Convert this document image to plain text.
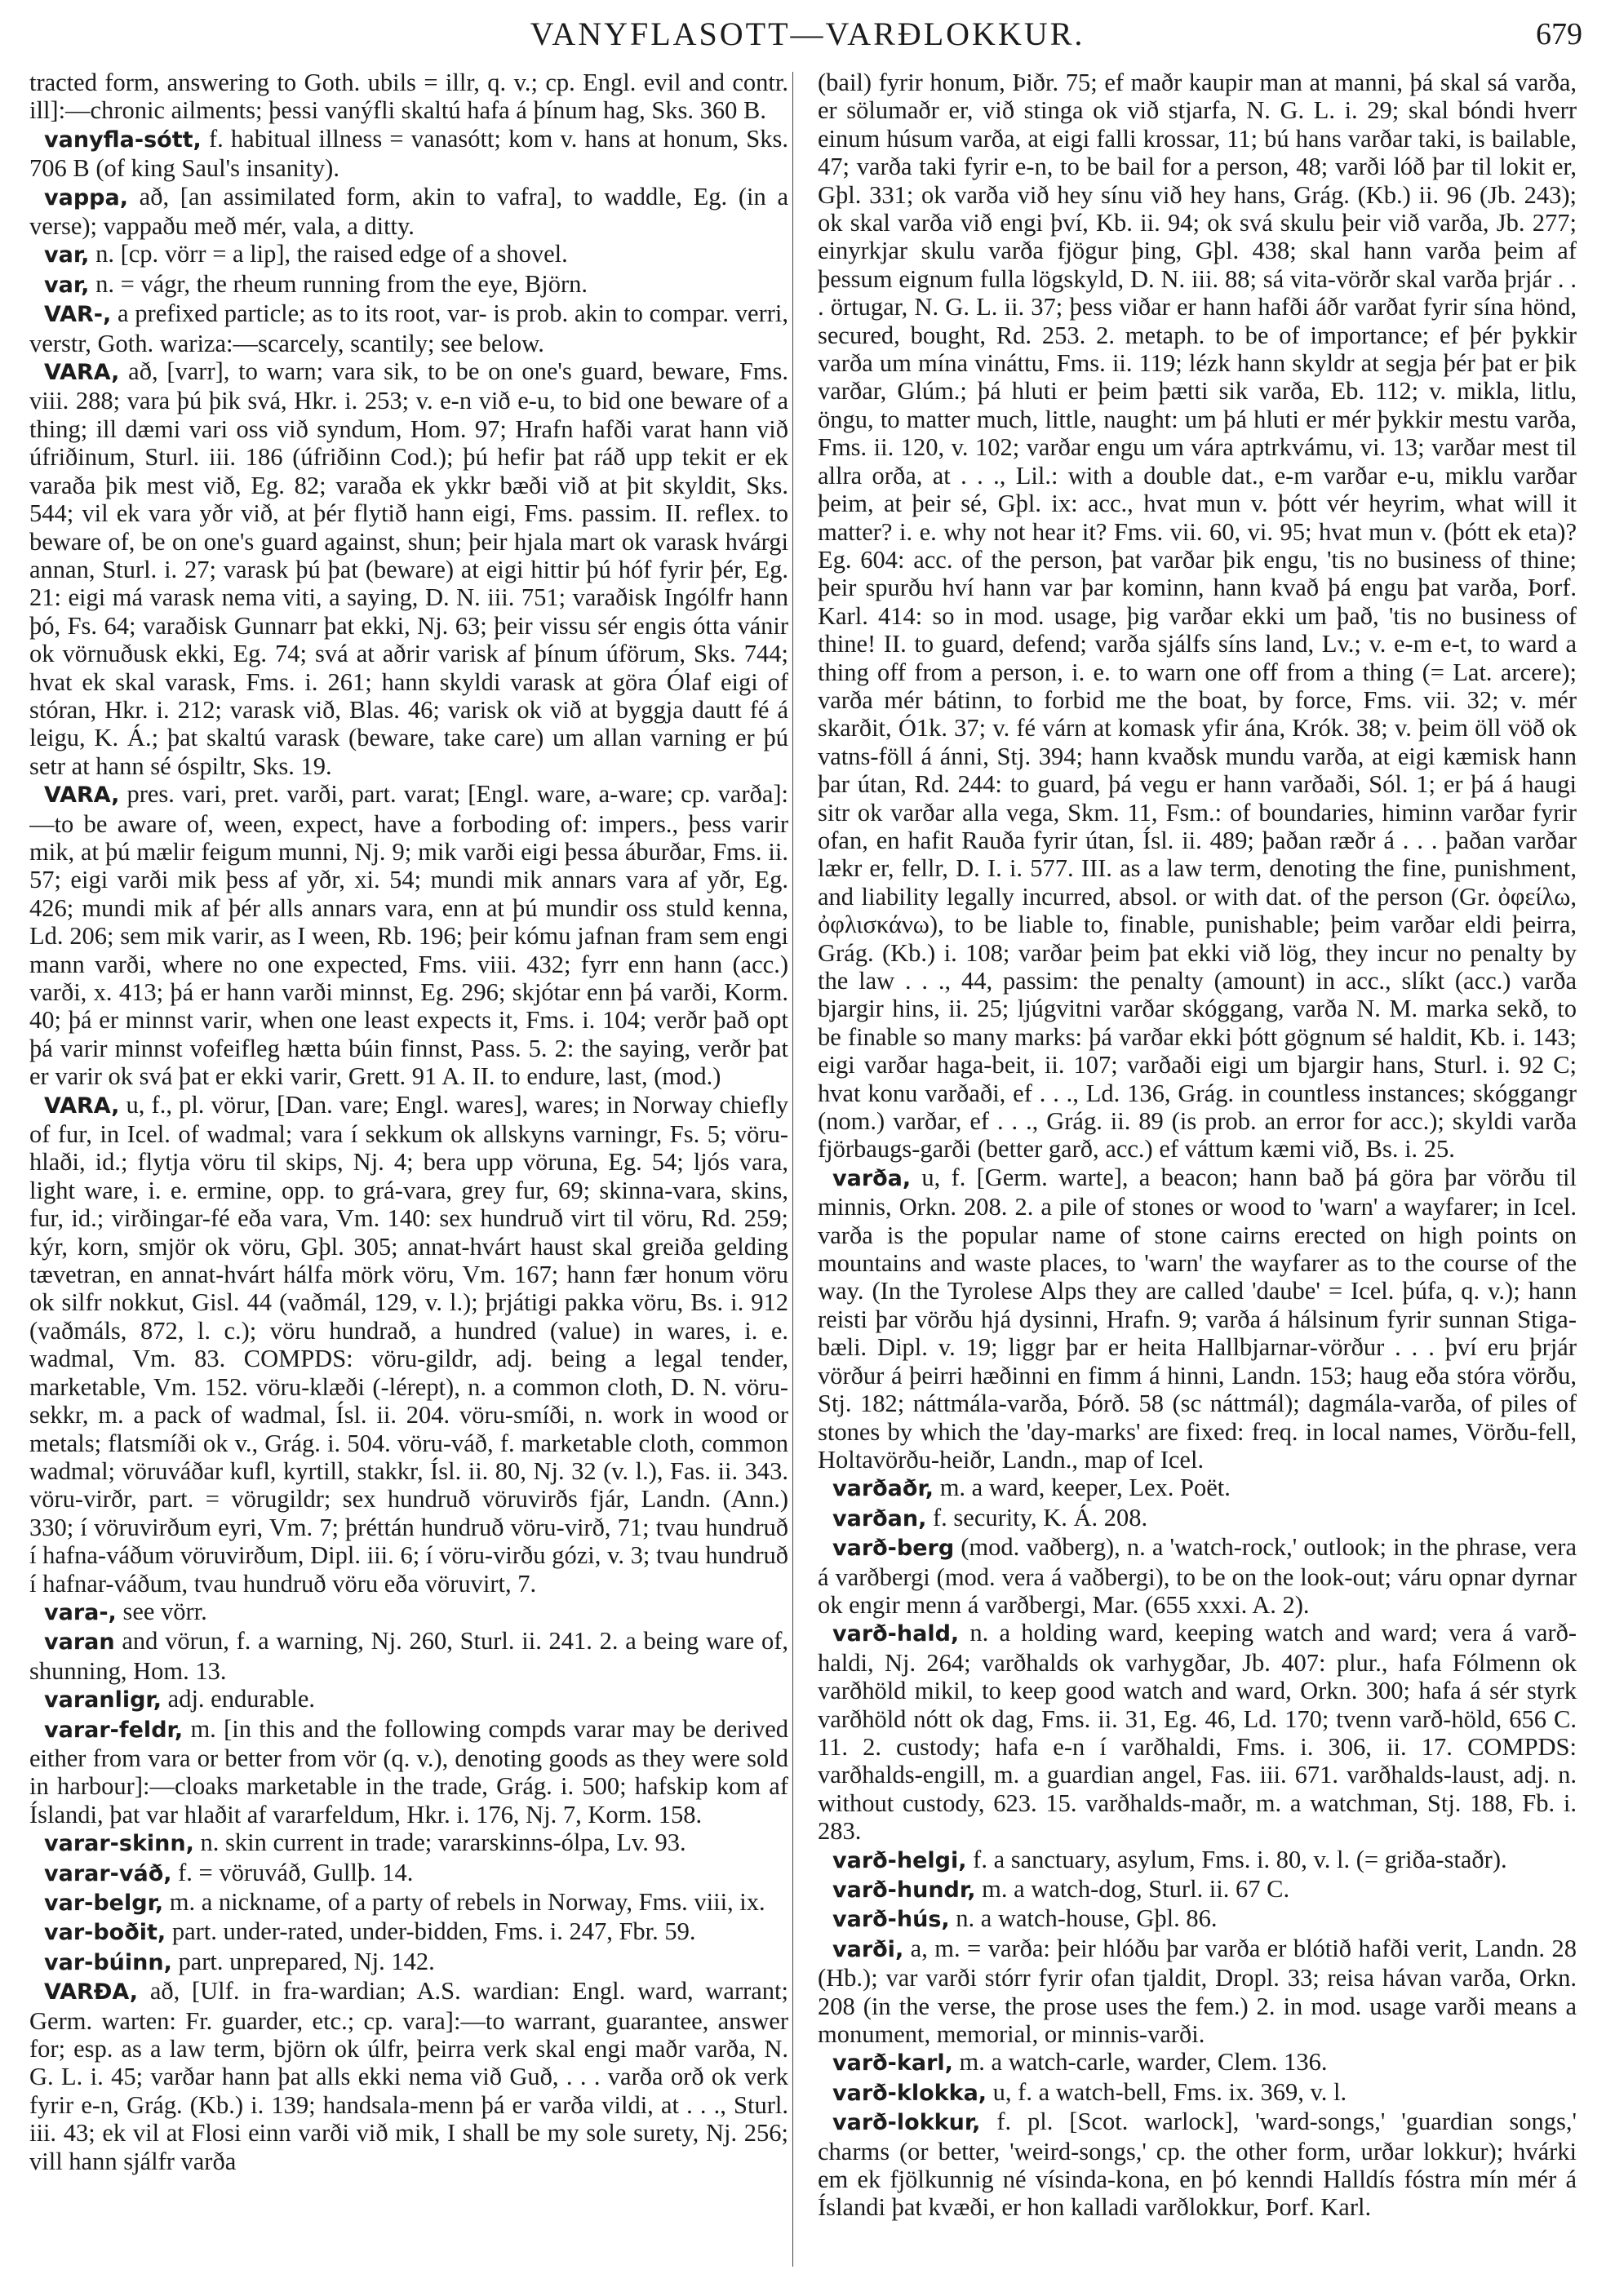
VANYFLASOTT—VARÐLOKKUR.	679

tracted form, answering to Goth. ubils = illr, q. v.; cp. Engl. evil and contr. ill]:—chronic ailments; þessi vanýfli skaltú hafa á þínum hag, Sks. 360 B.

vanyfla-sótt, f. habitual illness = vanasótt; kom v. hans at honum, Sks. 706 B (of king Saul's insanity).

vappa, að, [an assimilated form, akin to vafra], to waddle, Eg. (in a verse); vappaðu með mér, vala, a ditty.

var, n. [cp. vörr = a lip], the raised edge of a shovel.

var, n. = vágr, the rheum running from the eye, Björn.

VAR-, a prefixed particle; as to its root, var- is prob. akin to compar. verri, verstr, Goth. wariza:—scarcely, scantily; see below.

VARA, að, [varr], to warn; vara sik, to be on one's guard, beware, Fms. viii. 288; vara þú þik svá, Hkr. i. 253; v. e-n við e-u, to bid one beware of a thing; ill dæmi vari oss við syndum, Hom. 97; Hrafn hafði varat hann við úfriðinum, Sturl. iii. 186 (úfriðinn Cod.); þú hefir þat ráð upp tekit er ek varaða þik mest við, Eg. 82; varaða ek ykkr bæði við at þit skyldit, Sks. 544; vil ek vara yðr við, at þér flytið hann eigi, Fms. passim. II. reflex. to beware of, be on one's guard against, shun; þeir hjala mart ok varask hvárgi annan, Sturl. i. 27; varask þú þat (beware) at eigi hittir þú hóf fyrir þér, Eg. 21: eigi má varask nema viti, a saying, D. N. iii. 751; varaðisk Ingólfr hann þó, Fs. 64; varaðisk Gunnarr þat ekki, Nj. 63; þeir vissu sér engis ótta vánir ok vörnuðusk ekki, Eg. 74; svá at aðrir varisk af þínum úförum, Sks. 744; hvat ek skal varask, Fms. i. 261; hann skyldi varask at göra Ólaf eigi of stóran, Hkr. i. 212; varask við, Blas. 46; varisk ok við at byggja dautt fé á leigu, K. Á.; þat skaltú varask (beware, take care) um allan varning er þú setr at hann sé óspiltr, Sks. 19.

VARA, pres. vari, pret. varði, part. varat; [Engl. ware, a-ware; cp. varða]:—to be aware of, ween, expect, have a forboding of: impers., þess varir mik, at þú mælir feigum munni, Nj. 9; mik varði eigi þessa áburðar, Fms. ii. 57; eigi varði mik þess af yðr, xi. 54; mundi mik annars vara af yðr, Eg. 426; mundi mik af þér alls annars vara, enn at þú mundir oss stuld kenna, Ld. 206; sem mik varir, as I ween, Rb. 196; þeir kómu jafnan fram sem engi mann varði, where no one expected, Fms. viii. 432; fyrr enn hann (acc.) varði, x. 413; þá er hann varði minnst, Eg. 296; skjótar enn þá varði, Korm. 40; þá er minnst varir, when one least expects it, Fms. i. 104; verðr það opt þá varir minnst vofeifleg hætta búin finnst, Pass. 5. 2: the saying, verðr þat er varir ok svá þat er ekki varir, Grett. 91 A. II. to endure, last, (mod.)

VARA, u, f., pl. vörur, [Dan. vare; Engl. wares], wares; in Norway chiefly of fur, in Icel. of wadmal; vara í sekkum ok allskyns varningr, Fs. 5; vöru-hlaði, id.; flytja vöru til skips, Nj. 4; bera upp vöruna, Eg. 54; ljós vara, light ware, i. e. ermine, opp. to grá-vara, grey fur, 69; skinna-vara, skins, fur, id.; virðingar-fé eða vara, Vm. 140: sex hundruð virt til vöru, Rd. 259; kýr, korn, smjör ok vöru, Gþl. 305; annat-hvárt haust skal greiða gelding tævetran, en annat-hvárt hálfa mörk vöru, Vm. 167; hann fær honum vöru ok silfr nokkut, Gisl. 44 (vaðmál, 129, v. l.); þrjátigi pakka vöru, Bs. i. 912 (vaðmáls, 872, l. c.); vöru hundrað, a hundred (value) in wares, i. e. wadmal, Vm. 83. COMPDS: vöru-gildr, adj. being a legal tender, marketable, Vm. 152. vöru-klæði (-lérept), n. a common cloth, D. N. vöru-sekkr, m. a pack of wadmal, Ísl. ii. 204. vöru-smíði, n. work in wood or metals; flatsmíði ok v., Grág. i. 504. vöru-váð, f. marketable cloth, common wadmal; vöruváðar kufl, kyrtill, stakkr, Ísl. ii. 80, Nj. 32 (v. l.), Fas. ii. 343. vöru-virðr, part. = vörugildr; sex hundruð vöruvirðs fjár, Landn. (Ann.) 330; í vöruvirðum eyri, Vm. 7; þréttán hundruð vöru-virð, 71; tvau hundruð í hafna-váðum vöruvirðum, Dipl. iii. 6; í vöru-virðu gózi, v. 3; tvau hundruð í hafnar-váðum, tvau hundruð vöru eða vöruvirt, 7.

vara-, see vörr.

varan and vörun, f. a warning, Nj. 260, Sturl. ii. 241. 2. a being ware of, shunning, Hom. 13.

varanligr, adj. endurable.

varar-feldr, m. [in this and the following compds varar may be derived either from vara or better from vör (q. v.), denoting goods as they were sold in harbour]:—cloaks marketable in the trade, Grág. i. 500; hafskip kom af Íslandi, þat var hlaðit af vararfeldum, Hkr. i. 176, Nj. 7, Korm. 158.

varar-skinn, n. skin current in trade; vararskinns-ólpa, Lv. 93.

varar-váð, f. = vöruváð, Gullþ. 14.

var-belgr, m. a nickname, of a party of rebels in Norway, Fms. viii, ix.

var-boðit, part. under-rated, under-bidden, Fms. i. 247, Fbr. 59.

var-búinn, part. unprepared, Nj. 142.

VARÐA, að, [Ulf. in fra-wardian; A.S. wardian: Engl. ward, warrant; Germ. warten: Fr. guarder, etc.; cp. vara]:—to warrant, guarantee, answer for; esp. as a law term, björn ok úlfr, þeirra verk skal engi maðr varða, N. G. L. i. 45; varðar hann þat alls ekki nema við Guð, . . . varða orð ok verk fyrir e-n, Grág. (Kb.) i. 139; handsala-menn þá er varða vildi, at . . ., Sturl. iii. 43; ek vil at Flosi einn varði við mik, I shall be my sole surety, Nj. 256; vill hann sjálfr varða

(bail) fyrir honum, Þiðr. 75; ef maðr kaupir man at manni, þá skal sá varða, er sölumaðr er, við stinga ok við stjarfa, N. G. L. i. 29; skal bóndi hverr einum húsum varða, at eigi falli krossar, 11; bú hans varðar taki, is bailable, 47; varða taki fyrir e-n, to be bail for a person, 48; varði lóð þar til lokit er, Gþl. 331; ok varða við hey sínu við hey hans, Grág. (Kb.) ii. 96 (Jb. 243); ok skal varða við engi því, Kb. ii. 94; ok svá skulu þeir við varða, Jb. 277; einyrkjar skulu varða fjögur þing, Gþl. 438; skal hann varða þeim af þessum eignum fulla lögskyld, D. N. iii. 88; sá vita-vörðr skal varða þrjár . . . örtugar, N. G. L. ii. 37; þess viðar er hann hafði áðr varðat fyrir sína hönd, secured, bought, Rd. 253. 2. metaph. to be of importance; ef þér þykkir varða um mína vináttu, Fms. ii. 119; lézk hann skyldr at segja þér þat er þik varðar, Glúm.; þá hluti er þeim þætti sik varða, Eb. 112; v. mikla, litlu, öngu, to matter much, little, naught: um þá hluti er mér þykkir mestu varða, Fms. ii. 120, v. 102; varðar engu um vára aptrkvámu, vi. 13; varðar mest til allra orða, at . . ., Lil.: with a double dat., e-m varðar e-u, miklu varðar þeim, at þeir sé, Gþl. ix: acc., hvat mun v. þótt vér heyrim, what will it matter? i. e. why not hear it? Fms. vii. 60, vi. 95; hvat mun v. (þótt ek eta)? Eg. 604: acc. of the person, þat varðar þik engu, 'tis no business of thine; þeir spurðu hví hann var þar kominn, hann kvað þá engu þat varða, Þorf. Karl. 414: so in mod. usage, þig varðar ekki um það, 'tis no business of thine! II. to guard, defend; varða sjálfs síns land, Lv.; v. e-m e-t, to ward a thing off from a person, i. e. to warn one off from a thing (= Lat. arcere); varða mér bátinn, to forbid me the boat, by force, Fms. vii. 32; v. mér skarðit, Ó1k. 37; v. fé várn at komask yfir ána, Krók. 38; v. þeim öll vöð ok vatns-föll á ánni, Stj. 394; hann kvaðsk mundu varða, at eigi kæmisk hann þar útan, Rd. 244: to guard, þá vegu er hann varðaði, Sól. 1; er þá á haugi sitr ok varðar alla vega, Skm. 11, Fsm.: of boundaries, himinn varðar fyrir ofan, en hafit Rauða fyrir útan, Ísl. ii. 489; þaðan ræðr á . . . þaðan varðar lækr er, fellr, D. I. i. 577. III. as a law term, denoting the fine, punishment, and liability legally incurred, absol. or with dat. of the person (Gr. ὀφείλω, ὀφλισκάνω), to be liable to, finable, punishable; þeim varðar eldi þeirra, Grág. (Kb.) i. 108; varðar þeim þat ekki við lög, they incur no penalty by the law . . ., 44, passim: the penalty (amount) in acc., slíkt (acc.) varða bjargir hins, ii. 25; ljúgvitni varðar skóggang, varða N. M. marka sekð, to be finable so many marks: þá varðar ekki þótt gögnum sé haldit, Kb. i. 143; eigi varðar haga-beit, ii. 107; varðaði eigi um bjargir hans, Sturl. i. 92 C; hvat konu varðaði, ef . . ., Ld. 136, Grág. in countless instances; skóggangr (nom.) varðar, ef . . ., Grág. ii. 89 (is prob. an error for acc.); skyldi varða fjörbaugs-garði (better garð, acc.) ef váttum kæmi við, Bs. i. 25.

varða, u, f. [Germ. warte], a beacon; hann bað þá göra þar vörðu til minnis, Orkn. 208. 2. a pile of stones or wood to 'warn' a wayfarer; in Icel. varða is the popular name of stone cairns erected on high points on mountains and waste places, to 'warn' the wayfarer as to the course of the way. (In the Tyrolese Alps they are called 'daube' = Icel. þúfa, q. v.); hann reisti þar vörðu hjá dysinni, Hrafn. 9; varða á hálsinum fyrir sunnan Stiga-bæli. Dipl. v. 19; liggr þar er heita Hallbjarnar-vörður . . . því eru þrjár vörður á þeirri hæðinni en fimm á hinni, Landn. 153; haug eða stóra vörðu, Stj. 182; náttmála-varða, Þórð. 58 (sc náttmál); dagmála-varða, of piles of stones by which the 'day-marks' are fixed: freq. in local names, Vörðu-fell, Holtavörðu-heiðr, Landn., map of Icel.

varðaðr, m. a ward, keeper, Lex. Poët.

varðan, f. security, K. Á. 208.

varð-berg (mod. vaðberg), n. a 'watch-rock,' outlook; in the phrase, vera á varðbergi (mod. vera á vaðbergi), to be on the look-out; váru opnar dyrnar ok engir menn á varðbergi, Mar. (655 xxxi. A. 2).

varð-hald, n. a holding ward, keeping watch and ward; vera á varð-haldi, Nj. 264; varðhalds ok varhygðar, Jb. 407: plur., hafa Fólmenn ok varðhöld mikil, to keep good watch and ward, Orkn. 300; hafa á sér styrk varðhöld nótt ok dag, Fms. ii. 31, Eg. 46, Ld. 170; tvenn varð-höld, 656 C. 11. 2. custody; hafa e-n í varðhaldi, Fms. i. 306, ii. 17. COMPDS: varðhalds-engill, m. a guardian angel, Fas. iii. 671. varðhalds-laust, adj. n. without custody, 623. 15. varðhalds-maðr, m. a watchman, Stj. 188, Fb. i. 283.

varð-helgi, f. a sanctuary, asylum, Fms. i. 80, v. l. (= griða-staðr).

varð-hundr, m. a watch-dog, Sturl. ii. 67 C.

varð-hús, n. a watch-house, Gþl. 86.

varði, a, m. = varða: þeir hlóðu þar varða er blótið hafði verit, Landn. 28 (Hb.); var varði stórr fyrir ofan tjaldit, Dropl. 33; reisa hávan varða, Orkn. 208 (in the verse, the prose uses the fem.) 2. in mod. usage varði means a monument, memorial, or minnis-varði.

varð-karl, m. a watch-carle, warder, Clem. 136.

varð-klokka, u, f. a watch-bell, Fms. ix. 369, v. l.

varð-lokkur, f. pl. [Scot. warlock], 'ward-songs,' 'guardian songs,' charms (or better, 'weird-songs,' cp. the other form, urðar lokkur); hvárki em ek fjölkunnig né vísinda-kona, en þó kenndi Halldís fóstra mín mér á Íslandi þat kvæði, er hon kalladi varðlokkur, Þorf. Karl.
